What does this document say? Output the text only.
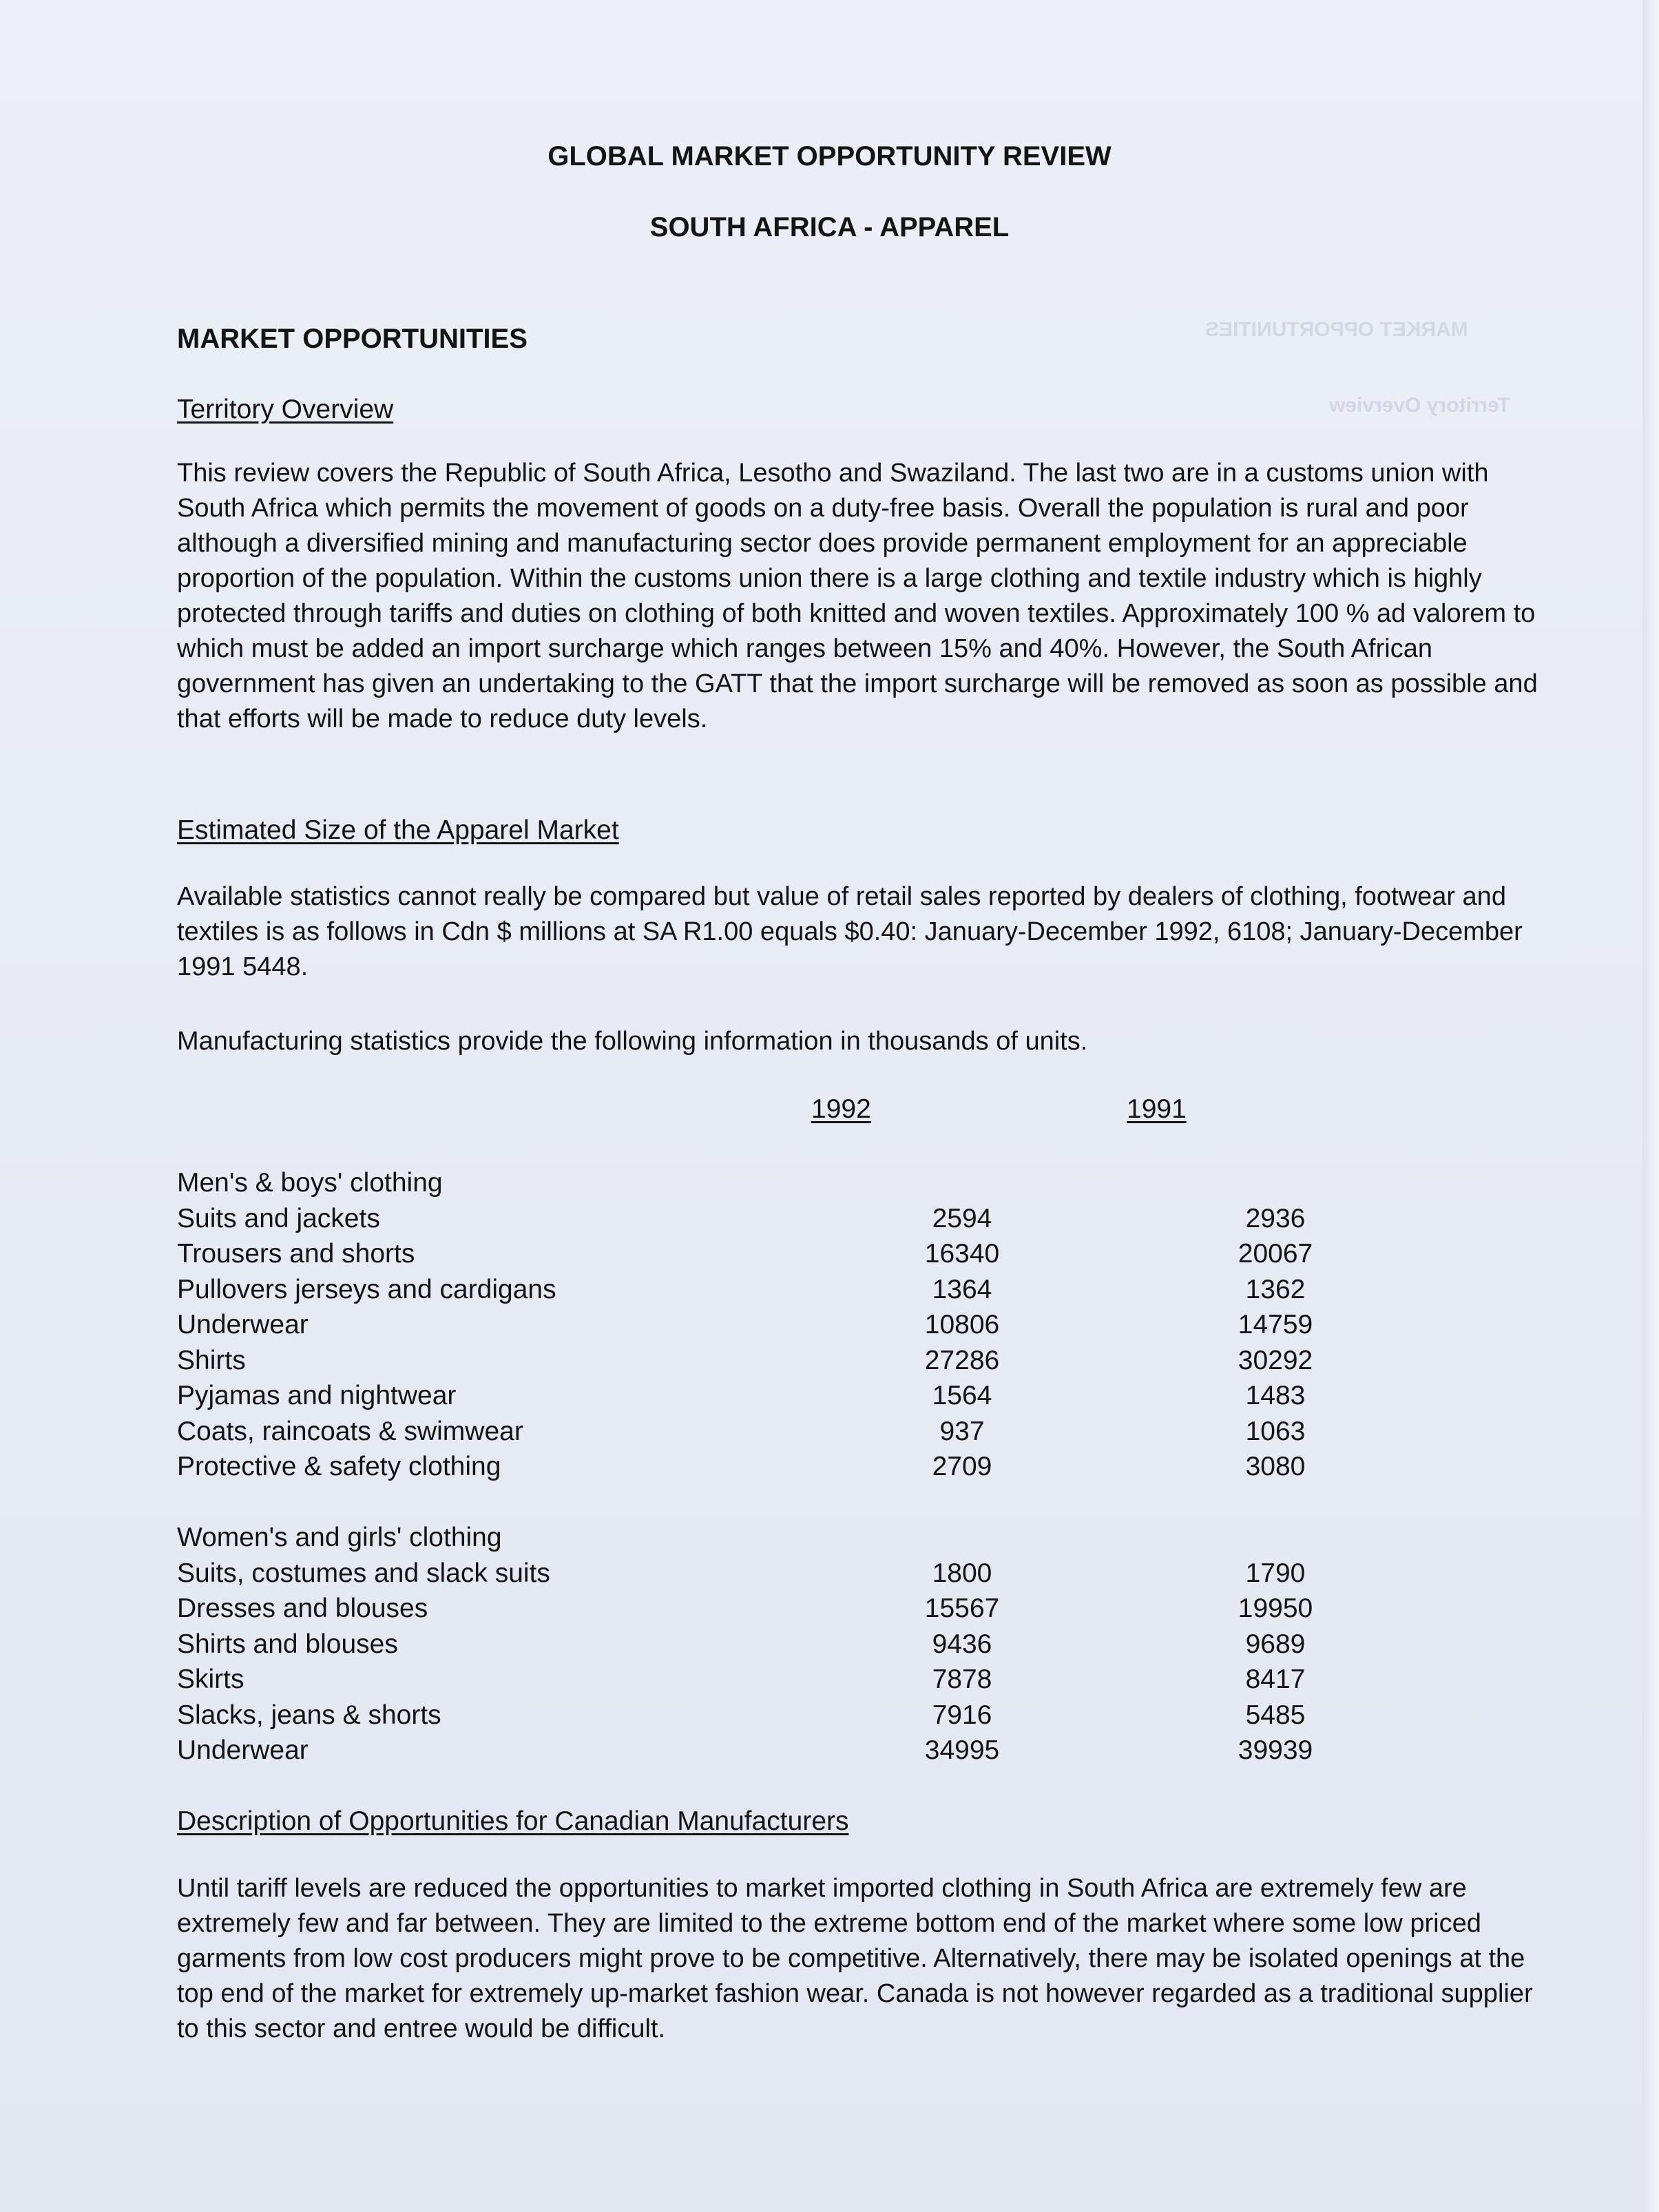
MARKET OPPORTUNITIES
Territory Overview
GLOBAL MARKET OPPORTUNITY REVIEW
SOUTH AFRICA - APPAREL
MARKET OPPORTUNITIES
Territory Overview
This review covers the Republic of South Africa, Lesotho and Swaziland. The last two are in a customs union with South Africa which permits the movement of goods on a duty-free basis. Overall the population is rural and poor although a diversified mining and manufacturing sector does provide permanent employment for an appreciable proportion of the population. Within the customs union there is a large clothing and textile industry which is highly protected through tariffs and duties on clothing of both knitted and woven textiles. Approximately 100 % ad valorem to which must be added an import surcharge which ranges between 15% and 40%. However, the South African government has given an undertaking to the GATT that the import surcharge will be removed as soon as possible and that efforts will be made to reduce duty levels.
Estimated Size of the Apparel Market
Available statistics cannot really be compared but value of retail sales reported by dealers of clothing, footwear and textiles is as follows in Cdn $ millions at SA R1.00 equals $0.40: January-December 1992, 6108; January-December 1991 5448.
Manufacturing statistics provide the following information in thousands of units.
1992	1991
Men's & boys' clothing
Suits and jackets	2594	2936
Trousers and shorts	16340	20067
Pullovers jerseys and cardigans	1364	1362
Underwear	10806	14759
Shirts	27286	30292
Pyjamas and nightwear	1564	1483
Coats, raincoats & swimwear	937	1063
Protective & safety clothing	2709	3080
Women's and girls' clothing
Suits, costumes and slack suits	1800	1790
Dresses and blouses	15567	19950
Shirts and blouses	9436	9689
Skirts	7878	8417
Slacks, jeans & shorts	7916	5485
Underwear	34995	39939
Description of Opportunities for Canadian Manufacturers
Until tariff levels are reduced the opportunities to market imported clothing in South Africa are extremely few are extremely few and far between. They are limited to the extreme bottom end of the market where some low priced garments from low cost producers might prove to be competitive. Alternatively, there may be isolated openings at the top end of the market for extremely up-market fashion wear. Canada is not however regarded as a traditional supplier to this sector and entree would be difficult.
